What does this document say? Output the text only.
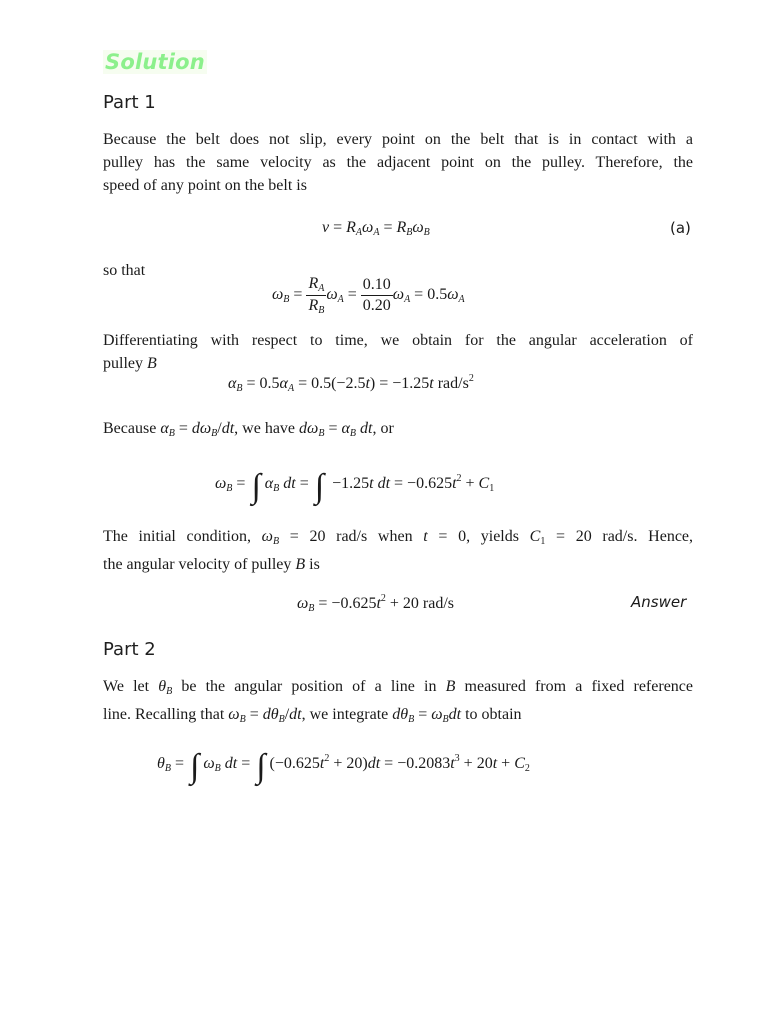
Solution
Part 1
Because the belt does not slip, every point on the belt that is in contact with a
pulley has the same velocity as the adjacent point on the pulley. Therefore, the
speed of any point on the belt is
$v = R_A\omega_A = R_B\omega_B$	(a)
so that
$\omega_B = \frac{R_A}{R_B} \omega_A = \frac{0.10}{0.20} \omega_A = 0.5\omega_A$
Differentiating with respect to time, we obtain for the angular acceleration of
pulley B
$\alpha_B = 0.5\alpha_A = 0.5(-2.5t) = -1.25t$ rad/$s^2$
Because $\alpha_B = d\omega_B/dt$, we have $d\omega_B = \alpha_B$ dt, or
$\omega_B$ = ∫ $\alpha_B$ dt = ∫ −1.25t dt = $-0.625t^2 + C1$
The initial condition, $\omega_B = 20$ rad/s when t = 0, yields C1 = 20 rad/s. Hence,
the angular velocity of pulley B is
$\omega_B = -0.625t^2 + 20$ rad/s	Answer
Part 2
We let $\theta_B$ be the angular position of a line in B measured from a fixed reference
line. Recalling that $\omega_B = d\theta_B/dt$, we integrate $d\theta_B = \omega_Bdt$ to obtain
$\theta_B$ = ∫ $\omega_B$ dt = ∫ $(-0.625t^2 + 20)dt = -0.2083t^3 + 20t + C2$
